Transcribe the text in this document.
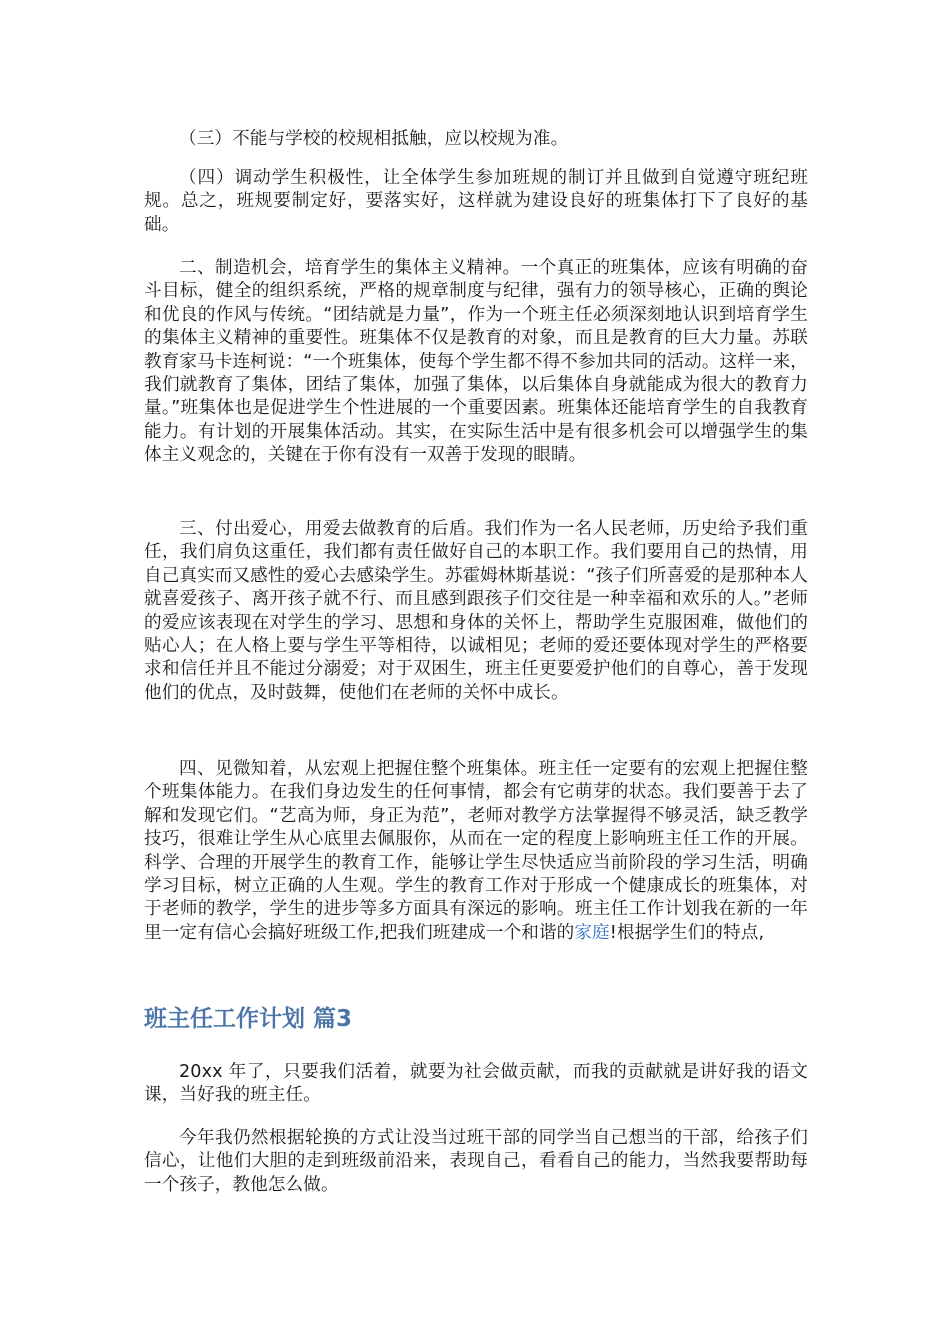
（三）不能与学校的校规相抵触，应以校规为准。

（四）调动学生积极性，让全体学生参加班规的制订并且做到自觉遵守班纪班规。总之，班规要制定好，要落实好，这样就为建设良好的班集体打下了良好的基础。

二、制造机会，培育学生的集体主义精神。一个真正的班集体，应该有明确的奋斗目标，健全的组织系统，严格的规章制度与纪律，强有力的领导核心，正确的舆论和优良的作风与传统。“团结就是力量”，作为一个班主任必须深刻地认识到培育学生的集体主义精神的重要性。班集体不仅是教育的对象，而且是教育的巨大力量。苏联教育家马卡连柯说：“一个班集体，使每个学生都不得不参加共同的活动。这样一来，我们就教育了集体，团结了集体，加强了集体，以后集体自身就能成为很大的教育力量。”班集体也是促进学生个性进展的一个重要因素。班集体还能培育学生的自我教育能力。有计划的开展集体活动。其实，在实际生活中是有很多机会可以增强学生的集体主义观念的，关键在于你有没有一双善于发现的眼睛。

三、付出爱心，用爱去做教育的后盾。我们作为一名人民老师，历史给予我们重任，我们肩负这重任，我们都有责任做好自己的本职工作。我们要用自己的热情，用自己真实而又感性的爱心去感染学生。苏霍姆林斯基说：“孩子们所喜爱的是那种本人就喜爱孩子、离开孩子就不行、而且感到跟孩子们交往是一种幸福和欢乐的人。”老师的爱应该表现在对学生的学习、思想和身体的关怀上，帮助学生克服困难，做他们的贴心人；在人格上要与学生平等相待，以诚相见；老师的爱还要体现对学生的严格要求和信任并且不能过分溺爱；对于双困生，班主任更要爱护他们的自尊心，善于发现他们的优点，及时鼓舞，使他们在老师的关怀中成长。

四、见微知着，从宏观上把握住整个班集体。班主任一定要有的宏观上把握住整个班集体能力。在我们身边发生的任何事情，都会有它萌芽的状态。我们要善于去了解和发现它们。“艺高为师，身正为范”，老师对教学方法掌握得不够灵活，缺乏教学技巧，很难让学生从心底里去佩服你，从而在一定的程度上影响班主任工作的开展。科学、合理的开展学生的教育工作，能够让学生尽快适应当前阶段的学习生活，明确学习目标，树立正确的人生观。学生的教育工作对于形成一个健康成长的班集体，对于老师的教学，学生的进步等多方面具有深远的影响。班主任工作计划我在新的一年里一定有信心会搞好班级工作,把我们班建成一个和谐的家庭!根据学生们的特点,

班主任工作计划 篇3

20xx 年了，只要我们活着，就要为社会做贡献，而我的贡献就是讲好我的语文课，当好我的班主任。

今年我仍然根据轮换的方式让没当过班干部的同学当自己想当的干部，给孩子们信心，让他们大胆的走到班级前沿来，表现自己，看看自己的能力，当然我要帮助每一个孩子，教他怎么做。
